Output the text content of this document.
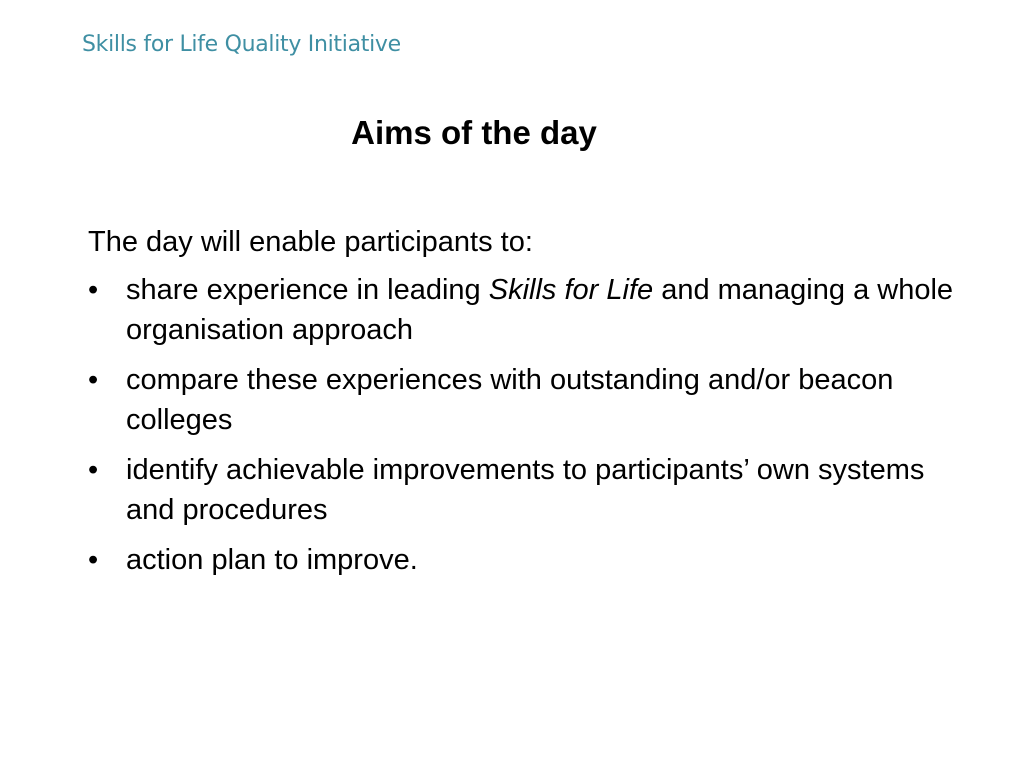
Skills for Life Quality Initiative
Aims of the day

The day will enable participants to:

• share experience in leading Skills for Life and managing a whole organisation approach
• compare these experiences with outstanding and/or beacon colleges
• identify achievable improvements to participants’ own systems and procedures
• action plan to improve.
